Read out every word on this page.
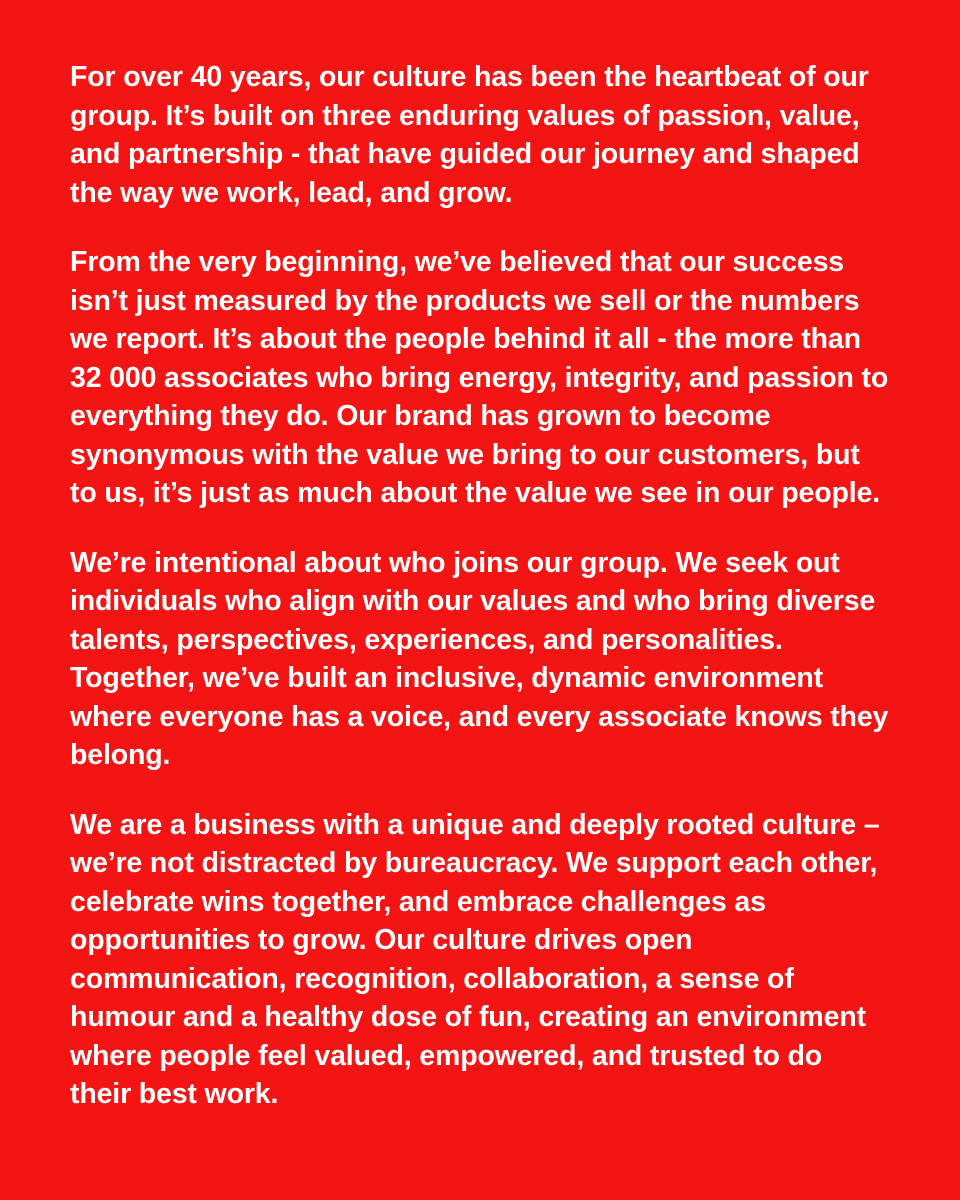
For over 40 years, our culture has been the heartbeat of our group. It’s built on three enduring values of passion, value, and partnership - that have guided our journey and shaped the way we work, lead, and grow.

From the very beginning, we’ve believed that our success isn’t just measured by the products we sell or the numbers we report. It’s about the people behind it all - the more than 32 000 associates who bring energy, integrity, and passion to everything they do. Our brand has grown to become synonymous with the value we bring to our customers, but to us, it’s just as much about the value we see in our people.

We’re intentional about who joins our group. We seek out individuals who align with our values and who bring diverse talents, perspectives, experiences, and personalities. Together, we’ve built an inclusive, dynamic environment where everyone has a voice, and every associate knows they belong.

We are a business with a unique and deeply rooted culture – we’re not distracted by bureaucracy. We support each other, celebrate wins together, and embrace challenges as opportunities to grow. Our culture drives open communication, recognition, collaboration, a sense of humour and a healthy dose of fun, creating an environment where people feel valued, empowered, and trusted to do their best work.
